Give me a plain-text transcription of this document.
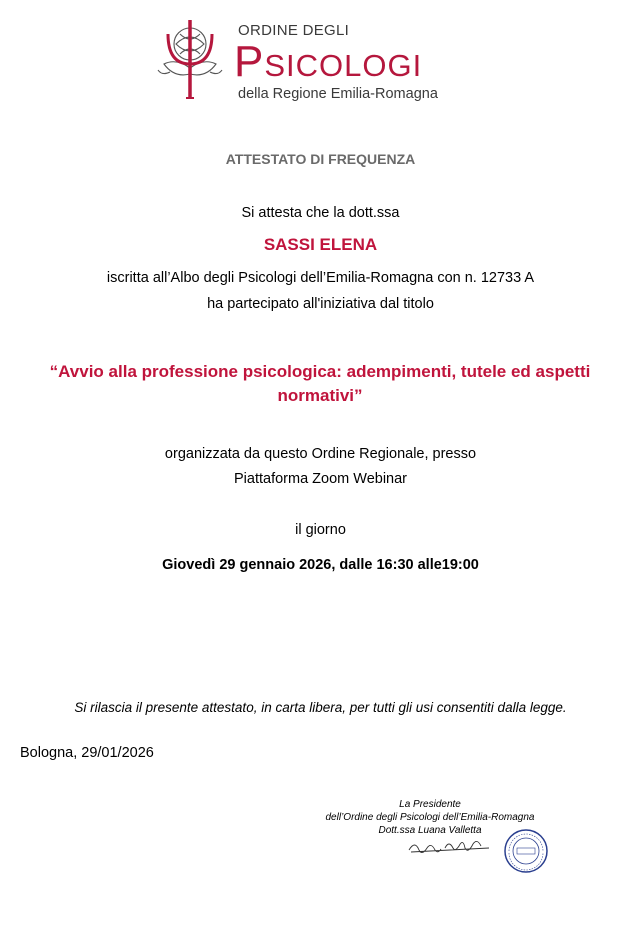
ORDINE DEGLI
Psicologi
della Regione Emilia-Romagna
ATTESTATO DI FREQUENZA
Si attesta che la dott.ssa
SASSI ELENA
iscritta all’Albo degli Psicologi dell’Emilia-Romagna con n. 12733 A
ha partecipato all'iniziativa dal titolo
“Avvio alla professione psicologica: adempimenti, tutele ed aspetti normativi”
organizzata da questo Ordine Regionale, presso
Piattaforma Zoom Webinar
il giorno
Giovedì 29 gennaio 2026, dalle 16:30 alle19:00
Si rilascia il presente attestato, in carta libera, per tutti gli usi consentiti dalla legge.
Bologna, 29/01/2026
La Presidente
dell’Ordine degli Psicologi dell’Emilia-Romagna
Dott.ssa Luana Valletta
